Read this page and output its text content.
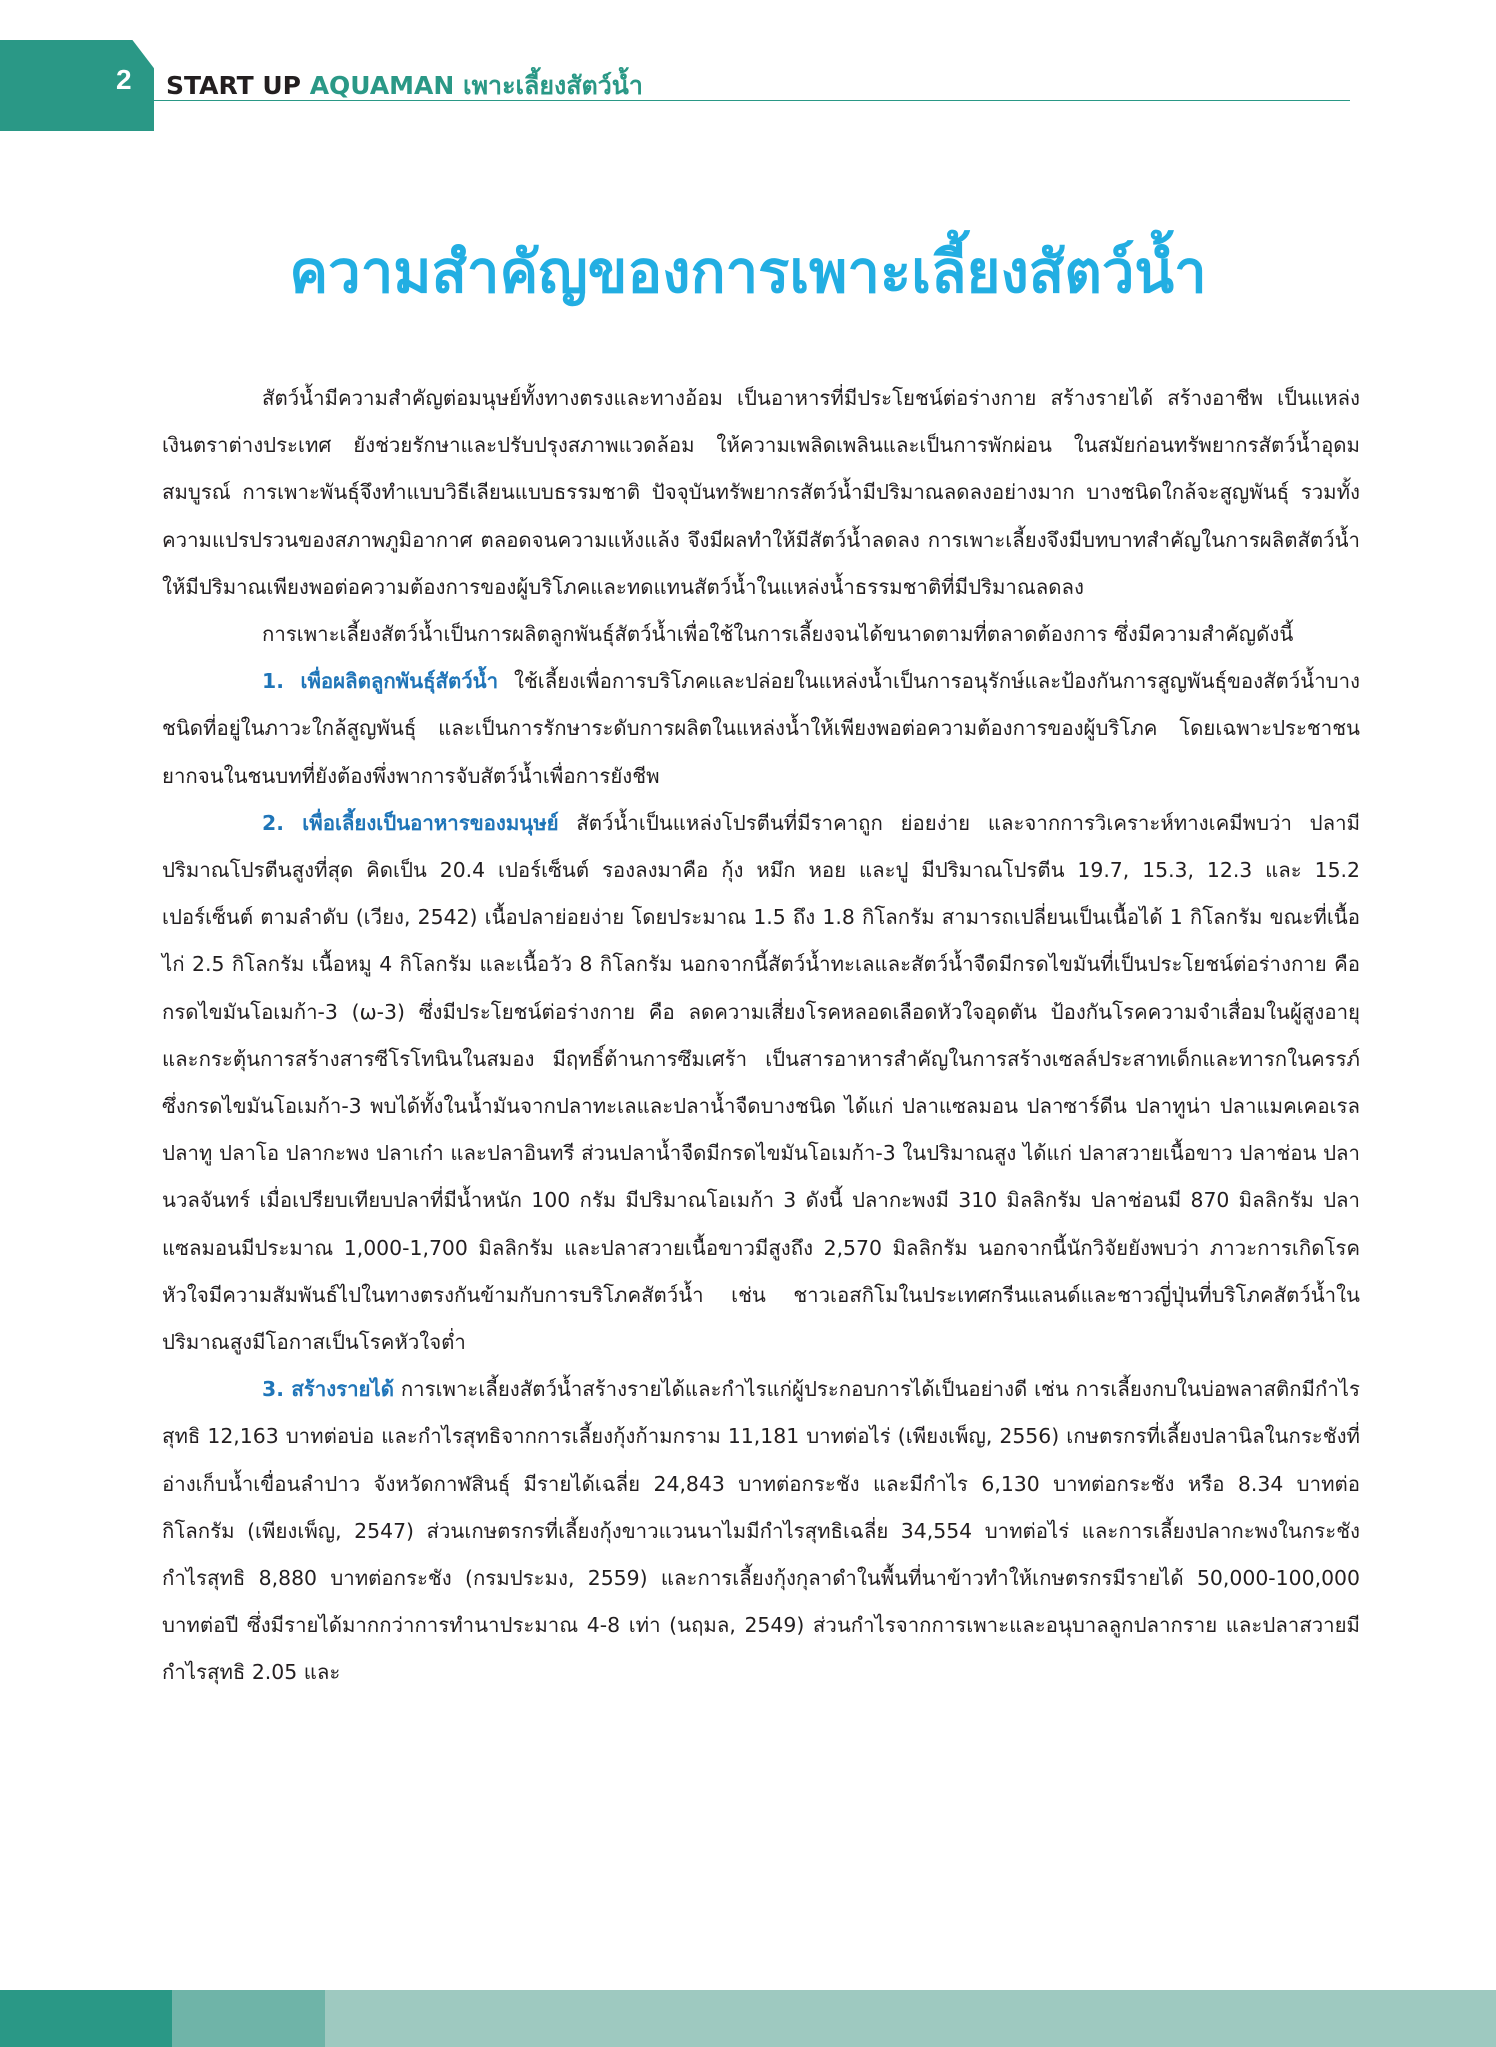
2 START UP AQUAMAN เพาะเลี้ยงสัตว์น้ำ
ความสำคัญของการเพาะเลี้ยงสัตว์น้ำ

สัตว์น้ำมีความสำคัญต่อมนุษย์ทั้งทางตรงและทางอ้อม เป็นอาหารที่มีประโยชน์ต่อร่างกาย สร้างรายได้ สร้างอาชีพ เป็นแหล่งเงินตราต่างประเทศ ยังช่วยรักษาและปรับปรุงสภาพแวดล้อม ให้ความเพลิดเพลินและเป็นการพักผ่อน ในสมัยก่อนทรัพยากรสัตว์น้ำอุดมสมบูรณ์ การเพาะพันธุ์จึงทำแบบวิธีเลียนแบบธรรมชาติ ปัจจุบันทรัพยากรสัตว์น้ำมีปริมาณลดลงอย่างมาก บางชนิดใกล้จะสูญพันธุ์ รวมทั้งความแปรปรวนของสภาพภูมิอากาศ ตลอดจนความแห้งแล้ง จึงมีผลทำให้มีสัตว์น้ำลดลง การเพาะเลี้ยงจึงมีบทบาทสำคัญในการผลิตสัตว์น้ำให้มีปริมาณเพียงพอต่อความต้องการของผู้บริโภคและทดแทนสัตว์น้ำในแหล่งน้ำธรรมชาติที่มีปริมาณลดลง

การเพาะเลี้ยงสัตว์น้ำเป็นการผลิตลูกพันธุ์สัตว์น้ำเพื่อใช้ในการเลี้ยงจนได้ขนาดตามที่ตลาดต้องการ ซึ่งมีความสำคัญดังนี้

1. เพื่อผลิตลูกพันธุ์สัตว์น้ำ ใช้เลี้ยงเพื่อการบริโภคและปล่อยในแหล่งน้ำเป็นการอนุรักษ์และป้องกันการสูญพันธุ์ของสัตว์น้ำบางชนิดที่อยู่ในภาวะใกล้สูญพันธุ์ และเป็นการรักษาระดับการผลิตในแหล่งน้ำให้เพียงพอต่อความต้องการของผู้บริโภค โดยเฉพาะประชาชนยากจนในชนบทที่ยังต้องพึ่งพาการจับสัตว์น้ำเพื่อการยังชีพ

2. เพื่อเลี้ยงเป็นอาหารของมนุษย์ สัตว์น้ำเป็นแหล่งโปรตีนที่มีราคาถูก ย่อยง่าย และจากการวิเคราะห์ทางเคมีพบว่า ปลามีปริมาณโปรตีนสูงที่สุด คิดเป็น 20.4 เปอร์เซ็นต์ รองลงมาคือ กุ้ง หมึก หอย และปู มีปริมาณโปรตีน 19.7, 15.3, 12.3 และ 15.2 เปอร์เซ็นต์ ตามลำดับ (เวียง, 2542) เนื้อปลาย่อยง่าย โดยประมาณ 1.5 ถึง 1.8 กิโลกรัม สามารถเปลี่ยนเป็นเนื้อได้ 1 กิโลกรัม ขณะที่เนื้อไก่ 2.5 กิโลกรัม เนื้อหมู 4 กิโลกรัม และเนื้อวัว 8 กิโลกรัม นอกจากนี้สัตว์น้ำทะเลและสัตว์น้ำจืดมีกรดไขมันที่เป็นประโยชน์ต่อร่างกาย คือ กรดไขมันโอเมก้า-3 (ω-3) ซึ่งมีประโยชน์ต่อร่างกาย คือ ลดความเสี่ยงโรคหลอดเลือดหัวใจอุดตัน ป้องกันโรคความจำเสื่อมในผู้สูงอายุ และกระตุ้นการสร้างสารซีโรโทนินในสมอง มีฤทธิ์ต้านการซึมเศร้า เป็นสารอาหารสำคัญในการสร้างเซลล์ประสาทเด็กและทารกในครรภ์ ซึ่งกรดไขมันโอเมก้า-3 พบได้ทั้งในน้ำมันจากปลาทะเลและปลาน้ำจืดบางชนิด ได้แก่ ปลาแซลมอน ปลาซาร์ดีน ปลาทูน่า ปลาแมคเคอเรล ปลาทู ปลาโอ ปลากะพง ปลาเก๋า และปลาอินทรี ส่วนปลาน้ำจืดมีกรดไขมันโอเมก้า-3 ในปริมาณสูง ได้แก่ ปลาสวายเนื้อขาว ปลาช่อน ปลานวลจันทร์ เมื่อเปรียบเทียบปลาที่มีน้ำหนัก 100 กรัม มีปริมาณโอเมก้า 3 ดังนี้ ปลากะพงมี 310 มิลลิกรัม ปลาช่อนมี 870 มิลลิกรัม ปลาแซลมอนมีประมาณ 1,000-1,700 มิลลิกรัม และปลาสวายเนื้อขาวมีสูงถึง 2,570 มิลลิกรัม นอกจากนี้นักวิจัยยังพบว่า ภาวะการเกิดโรคหัวใจมีความสัมพันธ์ไปในทางตรงกันข้ามกับการบริโภคสัตว์น้ำ เช่น ชาวเอสกิโมในประเทศกรีนแลนด์และชาวญี่ปุ่นที่บริโภคสัตว์น้ำในปริมาณสูงมีโอกาสเป็นโรคหัวใจต่ำ

3. สร้างรายได้ การเพาะเลี้ยงสัตว์น้ำสร้างรายได้และกำไรแก่ผู้ประกอบการได้เป็นอย่างดี เช่น การเลี้ยงกบในบ่อพลาสติกมีกำไรสุทธิ 12,163 บาทต่อบ่อ และกำไรสุทธิจากการเลี้ยงกุ้งก้ามกราม 11,181 บาทต่อไร่ (เพียงเพ็ญ, 2556) เกษตรกรที่เลี้ยงปลานิลในกระชังที่อ่างเก็บน้ำเขื่อนลำปาว จังหวัดกาฬสินธุ์ มีรายได้เฉลี่ย 24,843 บาทต่อกระชัง และมีกำไร 6,130 บาทต่อกระชัง หรือ 8.34 บาทต่อกิโลกรัม (เพียงเพ็ญ, 2547) ส่วนเกษตรกรที่เลี้ยงกุ้งขาวแวนนาไมมีกำไรสุทธิเฉลี่ย 34,554 บาทต่อไร่ และการเลี้ยงปลากะพงในกระชังกำไรสุทธิ 8,880 บาทต่อกระชัง (กรมประมง, 2559) และการเลี้ยงกุ้งกุลาดำในพื้นที่นาข้าวทำให้เกษตรกรมีรายได้ 50,000-100,000 บาทต่อปี ซึ่งมีรายได้มากกว่าการทำนาประมาณ 4-8 เท่า (นฤมล, 2549) ส่วนกำไรจากการเพาะและอนุบาลลูกปลากราย และปลาสวายมีกำไรสุทธิ 2.05 และ
